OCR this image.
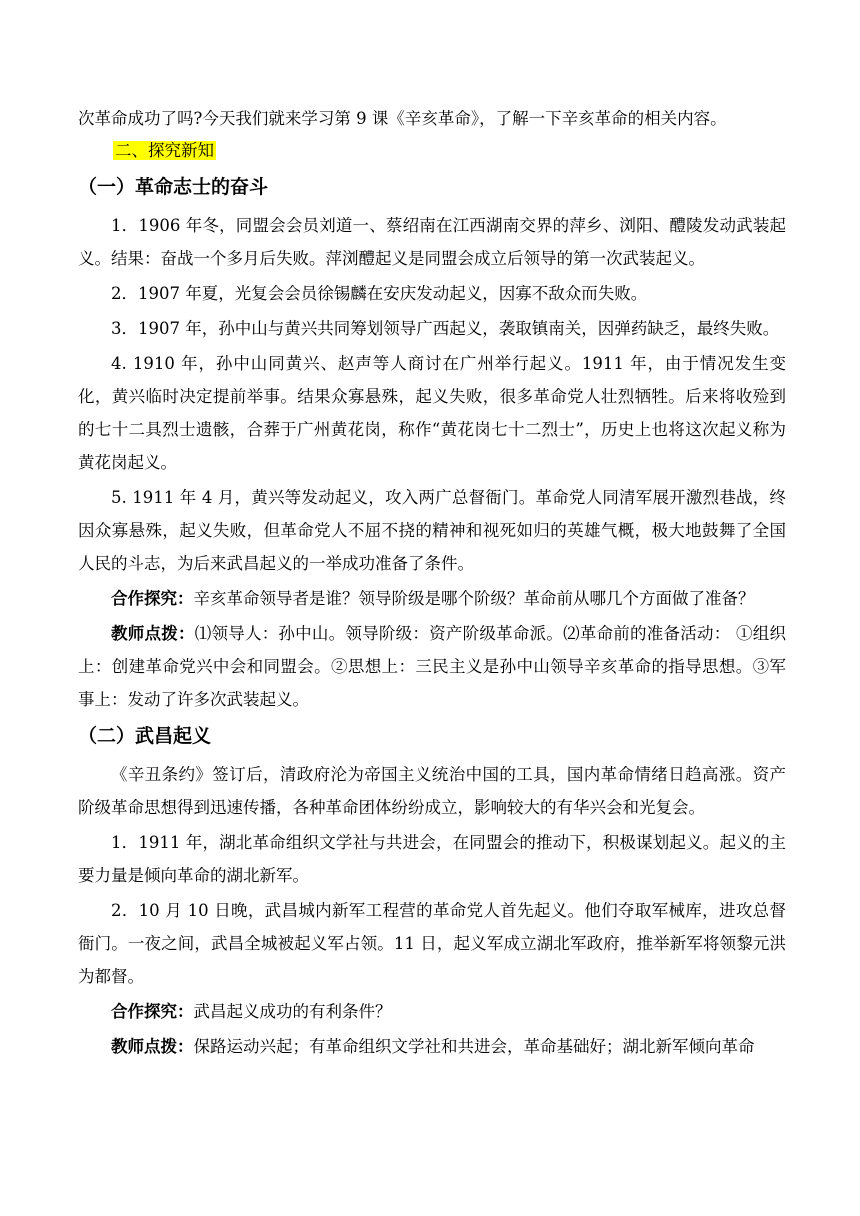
次革命成功了吗?今天我们就来学习第 9 课《辛亥革命》，了解一下辛亥革命的相关内容。

二、探究新知
（一）革命志士的奋斗

1．1906 年冬，同盟会会员刘道一、蔡绍南在江西湖南交界的萍乡、浏阳、醴陵发动武装起义。结果：奋战一个多月后失败。萍浏醴起义是同盟会成立后领导的第一次武装起义。

2．1907 年夏，光复会会员徐锡麟在安庆发动起义，因寡不敌众而失败。

3．1907 年，孙中山与黄兴共同筹划领导广西起义，袭取镇南关，因弹药缺乏，最终失败。

4. 1910 年，孙中山同黄兴、赵声等人商讨在广州举行起义。1911 年，由于情况发生变化，黄兴临时决定提前举事。结果众寡悬殊，起义失败，很多革命党人壮烈牺牲。后来将收殓到的七十二具烈士遗骸，合葬于广州黄花岗，称作“黄花岗七十二烈士”，历史上也将这次起义称为黄花岗起义。

5. 1911 年 4 月，黄兴等发动起义，攻入两广总督衙门。革命党人同清军展开激烈巷战，终因众寡悬殊，起义失败，但革命党人不屈不挠的精神和视死如归的英雄气概，极大地鼓舞了全国人民的斗志，为后来武昌起义的一举成功准备了条件。

合作探究：辛亥革命领导者是谁？领导阶级是哪个阶级？革命前从哪几个方面做了准备？

教师点拨：⑴领导人：孙中山。领导阶级：资产阶级革命派。⑵革命前的准备活动： ①组织上：创建革命党兴中会和同盟会。②思想上：三民主义是孙中山领导辛亥革命的指导思想。③军事上：发动了许多次武装起义。

（二）武昌起义

《辛丑条约》签订后，清政府沦为帝国主义统治中国的工具，国内革命情绪日趋高涨。资产阶级革命思想得到迅速传播，各种革命团体纷纷成立，影响较大的有华兴会和光复会。

1．1911 年，湖北革命组织文学社与共进会，在同盟会的推动下，积极谋划起义。起义的主要力量是倾向革命的湖北新军。

2．10 月 10 日晚，武昌城内新军工程营的革命党人首先起义。他们夺取军械库，进攻总督衙门。一夜之间，武昌全城被起义军占领。11 日，起义军成立湖北军政府，推举新军将领黎元洪为都督。

合作探究：武昌起义成功的有利条件？

教师点拨：保路运动兴起；有革命组织文学社和共进会，革命基础好；湖北新军倾向革命
